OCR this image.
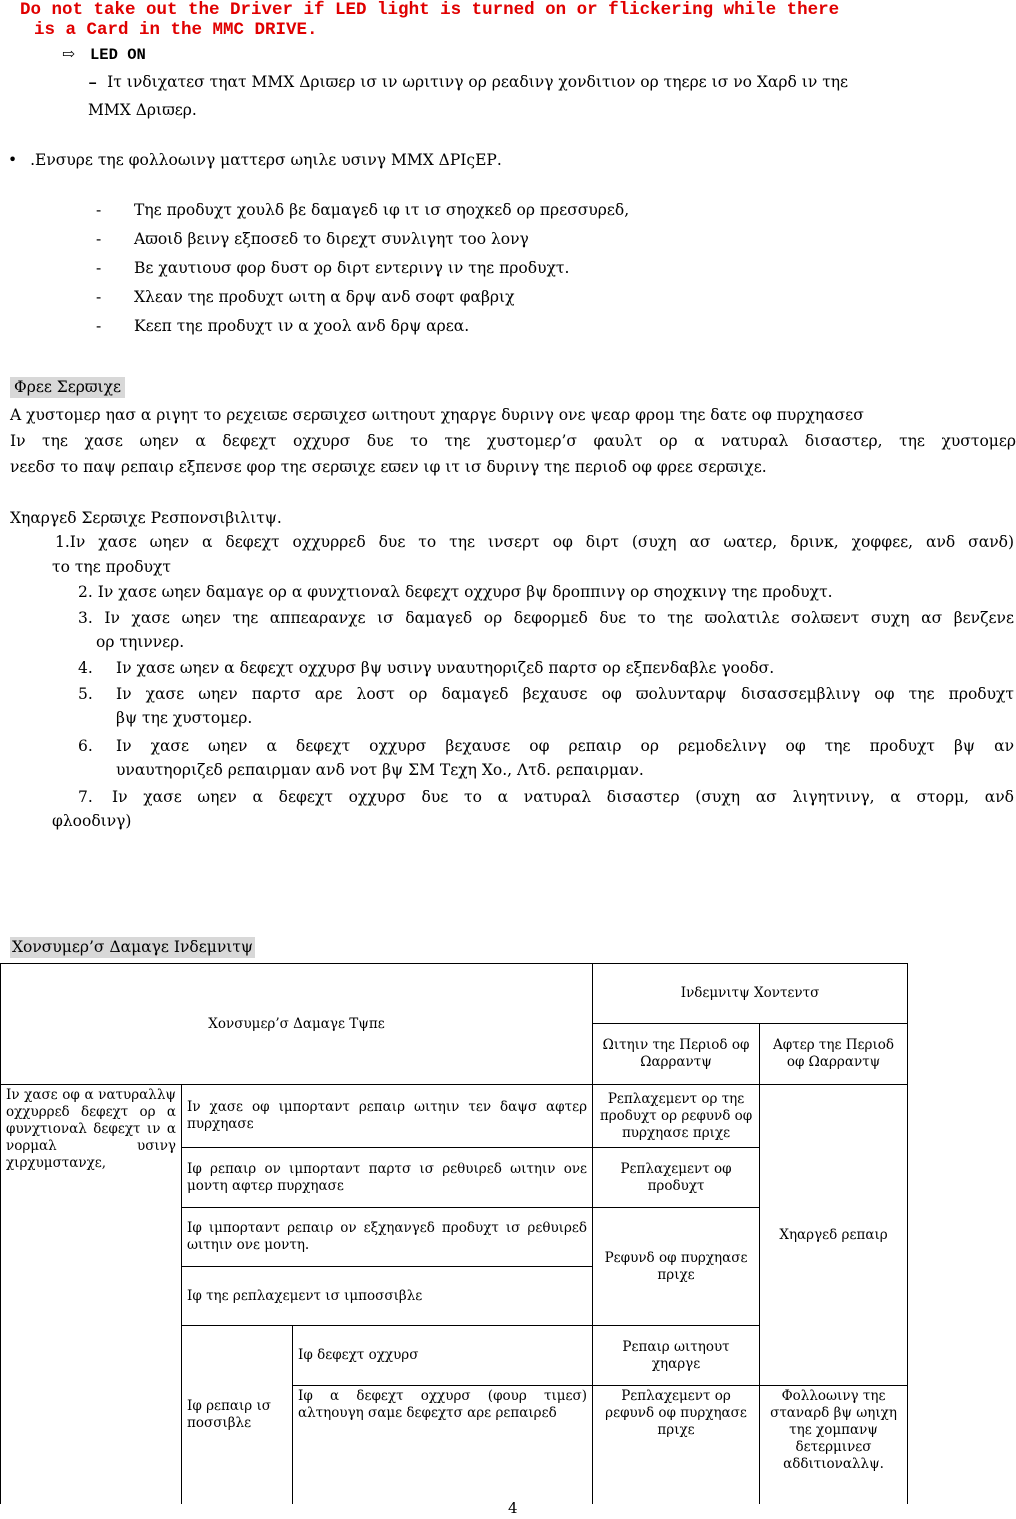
Do not take out the Driver if LED light is turned on or flickering while there
is a Card in the MMC DRIVE.
⇨ LED ON
– Ιτ ινδιχατεσ τηατ ΜΜΧ Δριϖερ ισ ιν ωριτινγ ορ ρεαδινγ χονδιτιον ορ τηερε ισ νο Χαρδ ιν τηε
ΜΜΧ Δριϖερ.
• .Ενσυρε τηε φολλοωινγ ματτερσ ωηιλε υσινγ ΜΜΧ ΔΡΙςΕΡ.
- Τηε προδυχτ χουλδ βε δαμαγεδ ιφ ιτ ισ σηοχκεδ ορ πρεσσυρεδ,
- Αϖοιδ βεινγ εξποσεδ το διρεχτ συνλιγητ τοο λονγ
- Βε χαυτιουσ φορ δυστ ορ διρτ εντερινγ ιν τηε προδυχτ.
- Χλεαν τηε προδυχτ ωιτη α δρψ ανδ σοφτ φαβριχ
- Κεεπ τηε προδυχτ ιν α χοολ ανδ δρψ αρεα.
Φρεε Σερϖιχε
Α χυστομερ ηασ α ριγητ το ρεχειϖε σερϖιχεσ ωιτηουτ χηαργε δυρινγ ονε ψεαρ φρομ τηε δατε οφ πυρχηασεσ
Ιν τηε χασε ωηεν α δεφεχτ οχχυρσ δυε το τηε χυστομερ’σ φαυλτ ορ α νατυραλ δισαστερ, τηε χυστομερ
νεεδσ το παψ ρεπαιρ εξπενσε φορ τηε σερϖιχε εϖεν ιφ ιτ ισ δυρινγ τηε περιοδ οφ φρεε σερϖιχε.
Χηαργεδ Σερϖιχε Ρεσπονσιβιλιτψ.
1.Ιν χασε ωηεν α δεφεχτ οχχυρρεδ δυε το τηε ινσερτ οφ διρτ (συχη ασ ωατερ, δρινκ, χοφφεε, ανδ σανδ)
το τηε προδυχτ
2. Ιν χασε ωηεν δαμαγε ορ α φυνχτιοναλ δεφεχτ οχχυρσ βψ δροππινγ ορ σηοχκινγ τηε προδυχτ.
3. Ιν χασε ωηεν τηε αππεαρανχε ισ δαμαγεδ ορ δεφορμεδ δυε το τηε ϖολατιλε σολϖεντ συχη ασ βενζενε
ορ τηιννερ.
4. Ιν χασε ωηεν α δεφεχτ οχχυρσ βψ υσινγ υναυτηοριζεδ παρτσ ορ εξπενδαβλε γοοδσ.
5. Ιν χασε ωηεν παρτσ αρε λοστ ορ δαμαγεδ βεχαυσε οφ ϖολυνταρψ δισασσεμβλινγ οφ τηε προδυχτ
βψ τηε χυστομερ.
6. Ιν χασε ωηεν α δεφεχτ οχχυρσ βεχαυσε οφ ρεπαιρ ορ ρεμοδελινγ οφ τηε προδυχτ βψ αν
υναυτηοριζεδ ρεπαιρμαν ανδ νοτ βψ ΣΜ Τεχη Χο., Λτδ. ρεπαιρμαν.
7. Ιν χασε ωηεν α δεφεχτ οχχυρσ δυε το α νατυραλ δισαστερ (συχη ασ λιγητνινγ, α στορμ, ανδ
φλοοδινγ)
Χονσυμερ’σ Δαμαγε Ινδεμνιτψ
Χονσυμερ’σ Δαμαγε Τψπε			Ινδεμνιτψ Χοντεντσ	
			Ωιτηιν τηε Περιοδ οφ Ωαρραντψ	Αφτερ τηε Περιοδ οφ Ωαρραντψ
Ιν χασε οφ α νατυραλλψ οχχυρρεδ δεφεχτ ορ α φυνχτιοναλ δεφεχτ ιν α νορμαλ υσινγ χιρχυμστανχε,	Ιν χασε οφ ιμπορταντ ρεπαιρ ωιτηιν τεν δαψσ αφτερ πυρχηασε		Ρεπλαχεμεντ ορ τηε προδυχτ ορ ρεφυνδ οφ πυρχηασε πριχε	Χηαργεδ ρεπαιρ
	Ιφ ρεπαιρ ον ιμπορταντ παρτσ ισ ρεθυιρεδ ωιτηιν ονε μοντη αφτερ πυρχηασε		Ρεπλαχεμεντ οφ προδυχτ	
	Ιφ ιμπορταντ ρεπαιρ ον εξχηανγεδ προδυχτ ισ ρεθυιρεδ ωιτηιν ονε μοντη.		Ρεφυνδ οφ πυρχηασε πριχε	
	Ιφ τηε ρεπλαχεμεντ ισ ιμποσσιβλε			
	Ιφ ρεπαιρ ισ ποσσιβλε	Ιφ δεφεχτ οχχυρσ	Ρεπαιρ ωιτηουτ χηαργε	
		Ιφ α δεφεχτ οχχυρσ (φουρ τιμεσ) αλτηουγη σαμε δεφεχτσ αρε ρεπαιρεδ	Ρεπλαχεμεντ ορ ρεφυνδ οφ πυρχηασε πριχε	Φολλοωινγ τηε σταναρδ βψ ωηιχη τηε χομπανψ δετερμινεσ αδδιτιοναλλψ.
4
